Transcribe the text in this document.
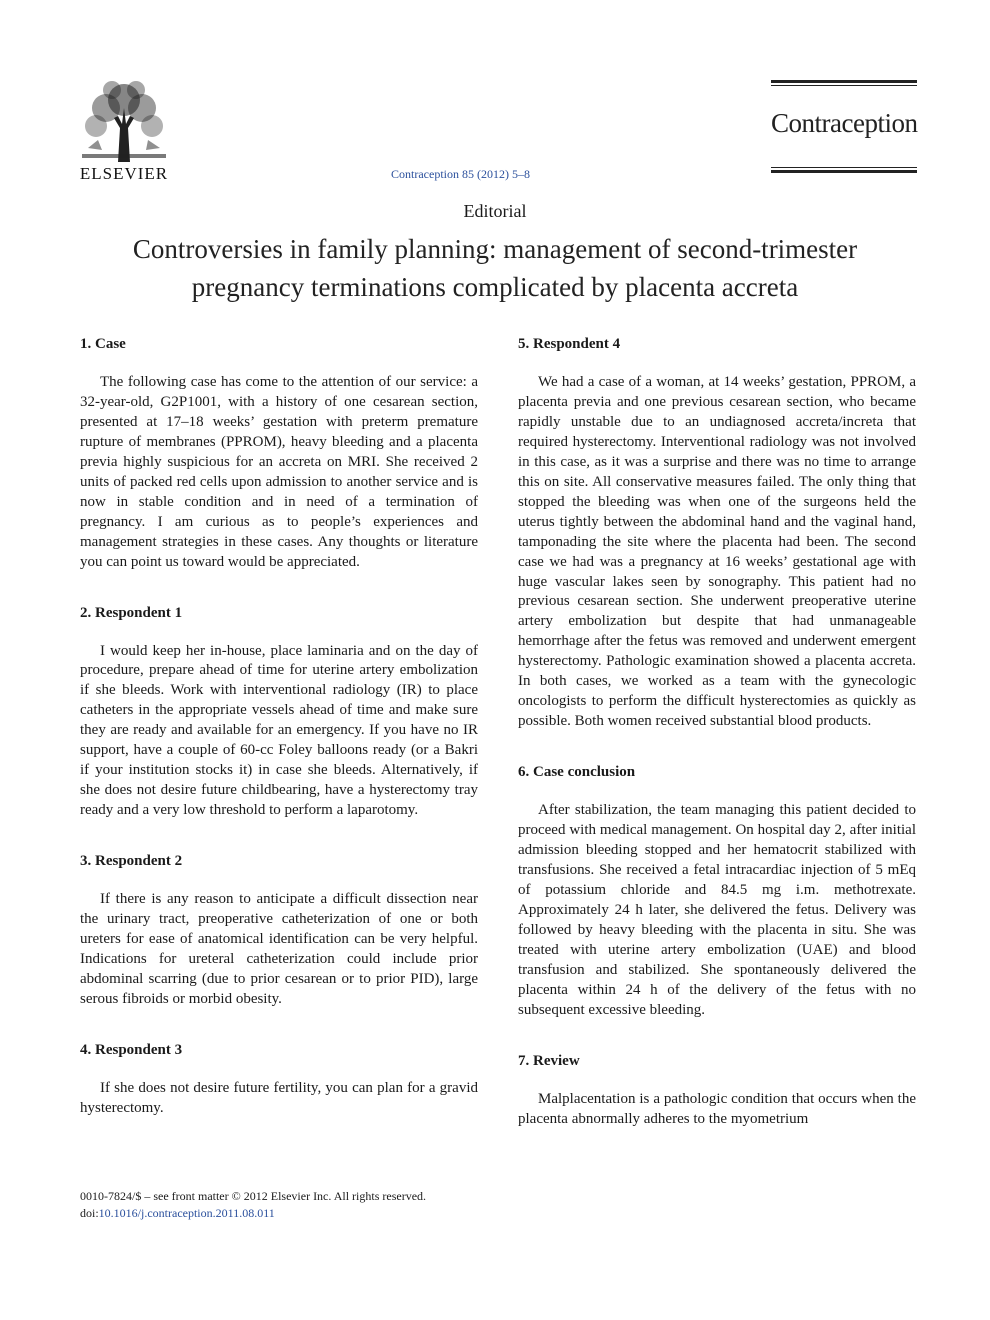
ELSEVIER	Contraception 85 (2012) 5–8
Contraception
Editorial
Controversies in family planning: management of second-trimester pregnancy terminations complicated by placenta accreta
1. Case

The following case has come to the attention of our service: a 32-year-old, G2P1001, with a history of one cesarean section, presented at 17–18 weeks’ gestation with preterm premature rupture of membranes (PPROM), heavy bleeding and a placenta previa highly suspicious for an accreta on MRI. She received 2 units of packed red cells upon admission to another service and is now in stable condition and in need of a termination of pregnancy. I am curious as to people’s experiences and management strategies in these cases. Any thoughts or literature you can point us toward would be appreciated.

2. Respondent 1

I would keep her in-house, place laminaria and on the day of procedure, prepare ahead of time for uterine artery embolization if she bleeds. Work with interventional radiology (IR) to place catheters in the appropriate vessels ahead of time and make sure they are ready and available for an emergency. If you have no IR support, have a couple of 60-cc Foley balloons ready (or a Bakri if your institution stocks it) in case she bleeds. Alternatively, if she does not desire future childbearing, have a hysterectomy tray ready and a very low threshold to perform a laparotomy.

3. Respondent 2

If there is any reason to anticipate a difficult dissection near the urinary tract, preoperative catheterization of one or both ureters for ease of anatomical identification can be very helpful. Indications for ureteral catheterization could include prior abdominal scarring (due to prior cesarean or to prior PID), large serous fibroids or morbid obesity.

4. Respondent 3

If she does not desire future fertility, you can plan for a gravid hysterectomy.

5. Respondent 4

We had a case of a woman, at 14 weeks’ gestation, PPROM, a placenta previa and one previous cesarean section, who became rapidly unstable due to an undiagnosed accreta/increta that required hysterectomy. Interventional radiology was not involved in this case, as it was a surprise and there was no time to arrange this on site. All conservative measures failed. The only thing that stopped the bleeding was when one of the surgeons held the uterus tightly between the abdominal hand and the vaginal hand, tamponading the site where the placenta had been. The second case we had was a pregnancy at 16 weeks’ gestational age with huge vascular lakes seen by sonography. This patient had no previous cesarean section. She underwent preoperative uterine artery embolization but despite that had unmanageable hemorrhage after the fetus was removed and underwent emergent hysterectomy. Pathologic examination showed a placenta accreta. In both cases, we worked as a team with the gynecologic oncologists to perform the difficult hysterectomies as quickly as possible. Both women received substantial blood products.

6. Case conclusion

After stabilization, the team managing this patient decided to proceed with medical management. On hospital day 2, after initial admission bleeding stopped and her hematocrit stabilized with transfusions. She received a fetal intracardiac injection of 5 mEq of potassium chloride and 84.5 mg i.m. methotrexate. Approximately 24 h later, she delivered the fetus. Delivery was followed by heavy bleeding with the placenta in situ. She was treated with uterine artery embolization (UAE) and blood transfusion and stabilized. She spontaneously delivered the placenta within 24 h of the delivery of the fetus with no subsequent excessive bleeding.

7. Review

Malplacentation is a pathologic condition that occurs when the placenta abnormally adheres to the myometrium

0010-7824/$ – see front matter © 2012 Elsevier Inc. All rights reserved.
doi:10.1016/j.contraception.2011.08.011
